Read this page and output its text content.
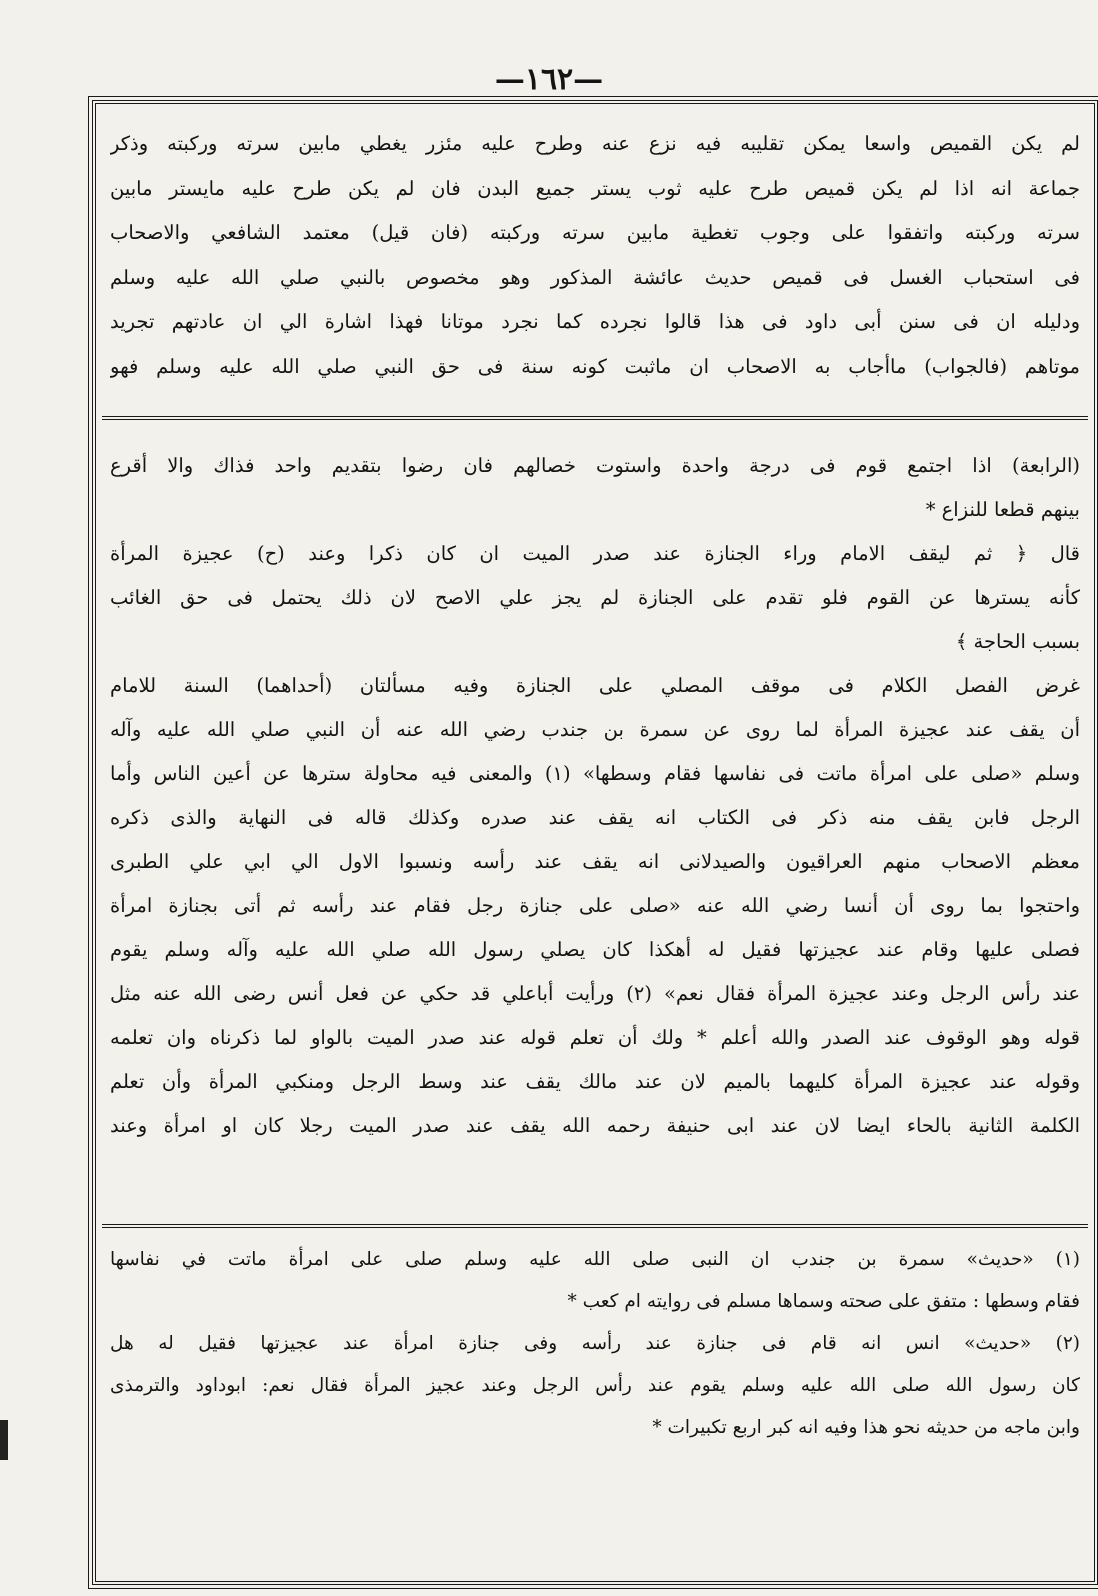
—١٦٢—
لم يكن القميص واسعا يمكن تقليبه فيه نزع عنه وطرح عليه مئزر يغطي مابين سرته وركبته وذكر
جماعة انه اذا لم يكن قميص طرح عليه ثوب يستر جميع البدن فان لم يكن طرح عليه مايستر مابين
سرته وركبته واتفقوا على وجوب تغطية مابين سرته وركبته (فان قيل) معتمد الشافعي والاصحاب
فى استحباب الغسل فى قميص حديث عائشة المذكور وهو مخصوص بالنبي صلي الله عليه وسلم
ودليله ان فى سنن أبى داود فى هذا قالوا نجرده كما نجرد موتانا فهذا اشارة الي ان عادتهم تجريد
موتاهم (فالجواب) ماأجاب به الاصحاب ان ماثبت كونه سنة فى حق النبي صلي الله عليه وسلم فهو
(الرابعة) اذا اجتمع قوم فى درجة واحدة واستوت خصالهم فان رضوا بتقديم واحد فذاك والا أقرع
بينهم قطعا للنزاع *
قال ﴿ ثم ليقف الامام وراء الجنازة عند صدر الميت ان كان ذكرا وعند (ح) عجيزة المرأة
كأنه يسترها عن القوم فلو تقدم على الجنازة لم يجز علي الاصح لان ذلك يحتمل فى حق الغائب
بسبب الحاجة ﴾
غرض الفصل الكلام فى موقف المصلي على الجنازة وفيه مسألتان (أحداهما) السنة للامام
أن يقف عند عجيزة المرأة لما روى عن سمرة بن جندب رضي الله عنه أن النبي صلي الله عليه وآله
وسلم «صلى على امرأة ماتت فى نفاسها فقام وسطها» (١) والمعنى فيه محاولة سترها عن أعين الناس وأما
الرجل فابن يقف منه ذكر فى الكتاب انه يقف عند صدره وكذلك قاله فى النهاية والذى ذكره
معظم الاصحاب منهم العراقيون والصيدلانى انه يقف عند رأسه ونسبوا الاول الي ابي علي الطبرى
واحتجوا بما روى أن أنسا رضي الله عنه «صلى على جنازة رجل فقام عند رأسه ثم أتى بجنازة امرأة
فصلى عليها وقام عند عجيزتها فقيل له أهكذا كان يصلي رسول الله صلي الله عليه وآله وسلم يقوم
عند رأس الرجل وعند عجيزة المرأة فقال نعم» (٢) ورأيت أباعلي قد حكي عن فعل أنس رضى الله عنه مثل
قوله وهو الوقوف عند الصدر والله أعلم * ولك أن تعلم قوله عند صدر الميت بالواو لما ذكرناه وان تعلمه
وقوله عند عجيزة المرأة كليهما بالميم لان عند مالك يقف عند وسط الرجل ومنكبي المرأة وأن تعلم
الكلمة الثانية بالحاء ايضا لان عند ابى حنيفة رحمه الله يقف عند صدر الميت رجلا كان او امرأة وعند
(١) «حديث» سمرة بن جندب ان النبى صلى الله عليه وسلم صلى على امرأة ماتت في نفاسها
فقام وسطها : متفق على صحته وسماها مسلم فى روايته ام كعب *
(٢) «حديث» انس انه قام فى جنازة عند رأسه وفى جنازة امرأة عند عجيزتها فقيل له هل
كان رسول الله صلى الله عليه وسلم يقوم عند رأس الرجل وعند عجيز المرأة فقال نعم: ابوداود والترمذى
وابن ماجه من حديثه نحو هذا وفيه انه كبر اربع تكبيرات *
